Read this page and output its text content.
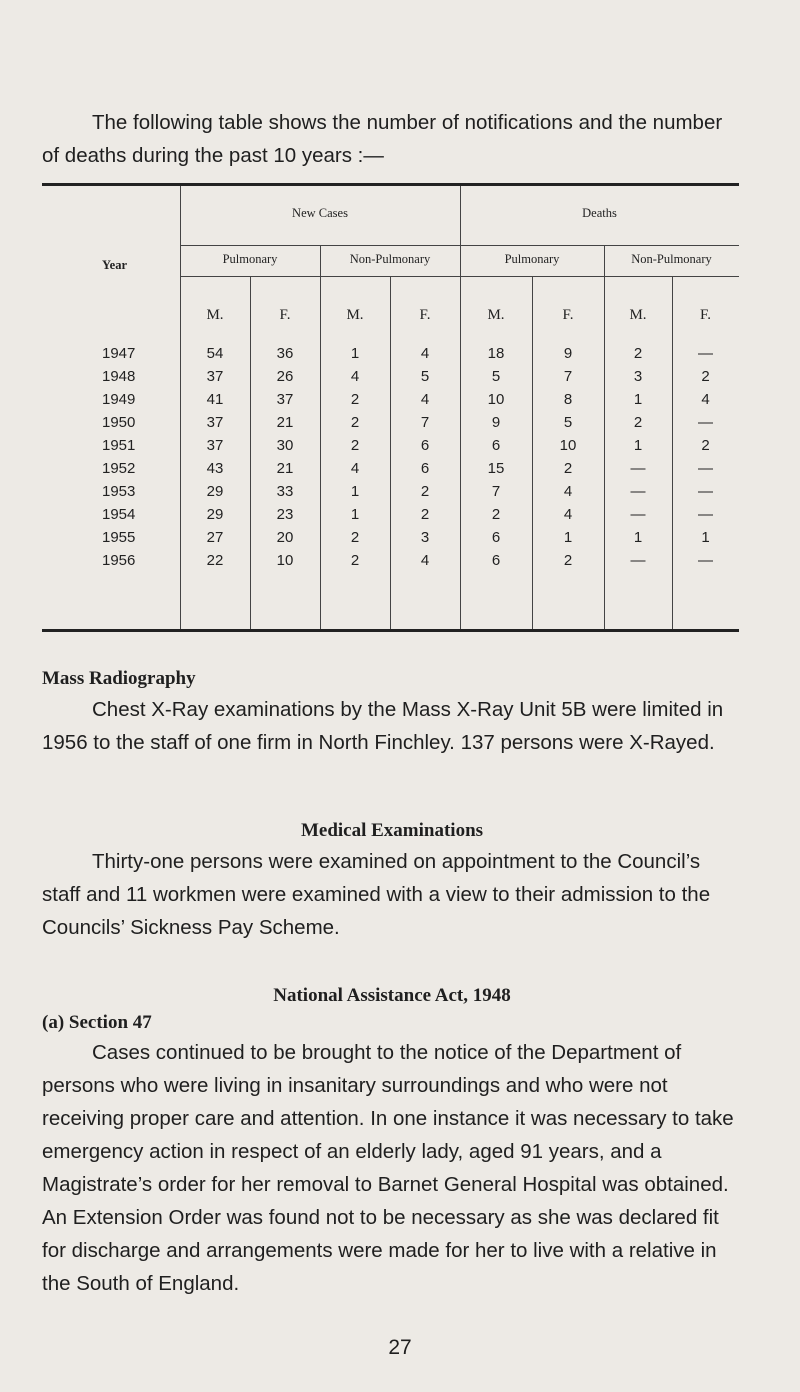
The following table shows the number of notifications and the number of deaths during the past 10 years :—
New Cases	Deaths
Pulmonary	Non-Pulmonary	Pulmonary	Non-Pulmonary
Year
M.	F.	M.	F.	M.	F.	M.	F.
1947	54	36	1	4	18	9	2	—
1948	37	26	4	5	5	7	3	2
1949	41	37	2	4	10	8	1	4
1950	37	21	2	7	9	5	2	—
1951	37	30	2	6	6	10	1	2
1952	43	21	4	6	15	2	—	—
1953	29	33	1	2	7	4	—	—
1954	29	23	1	2	2	4	—	—
1955	27	20	2	3	6	1	1	1
1956	22	10	2	4	6	2	—	—
Mass Radiography
Chest X-Ray examinations by the Mass X-Ray Unit 5B were limited in 1956 to the staff of one firm in North Finchley. 137 persons were X-Rayed.
Medical Examinations
Thirty-one persons were examined on appointment to the Council’s staff and 11 workmen were examined with a view to their admission to the Councils’ Sickness Pay Scheme.
National Assistance Act, 1948
(a) Section 47
Cases continued to be brought to the notice of the Department of persons who were living in insanitary surroundings and who were not receiving proper care and attention. In one instance it was necessary to take emergency action in respect of an elderly lady, aged 91 years, and a Magistrate’s order for her removal to Barnet General Hospital was obtained. An Extension Order was found not to be necessary as she was declared fit for discharge and arrangements were made for her to live with a relative in the South of England.
27
